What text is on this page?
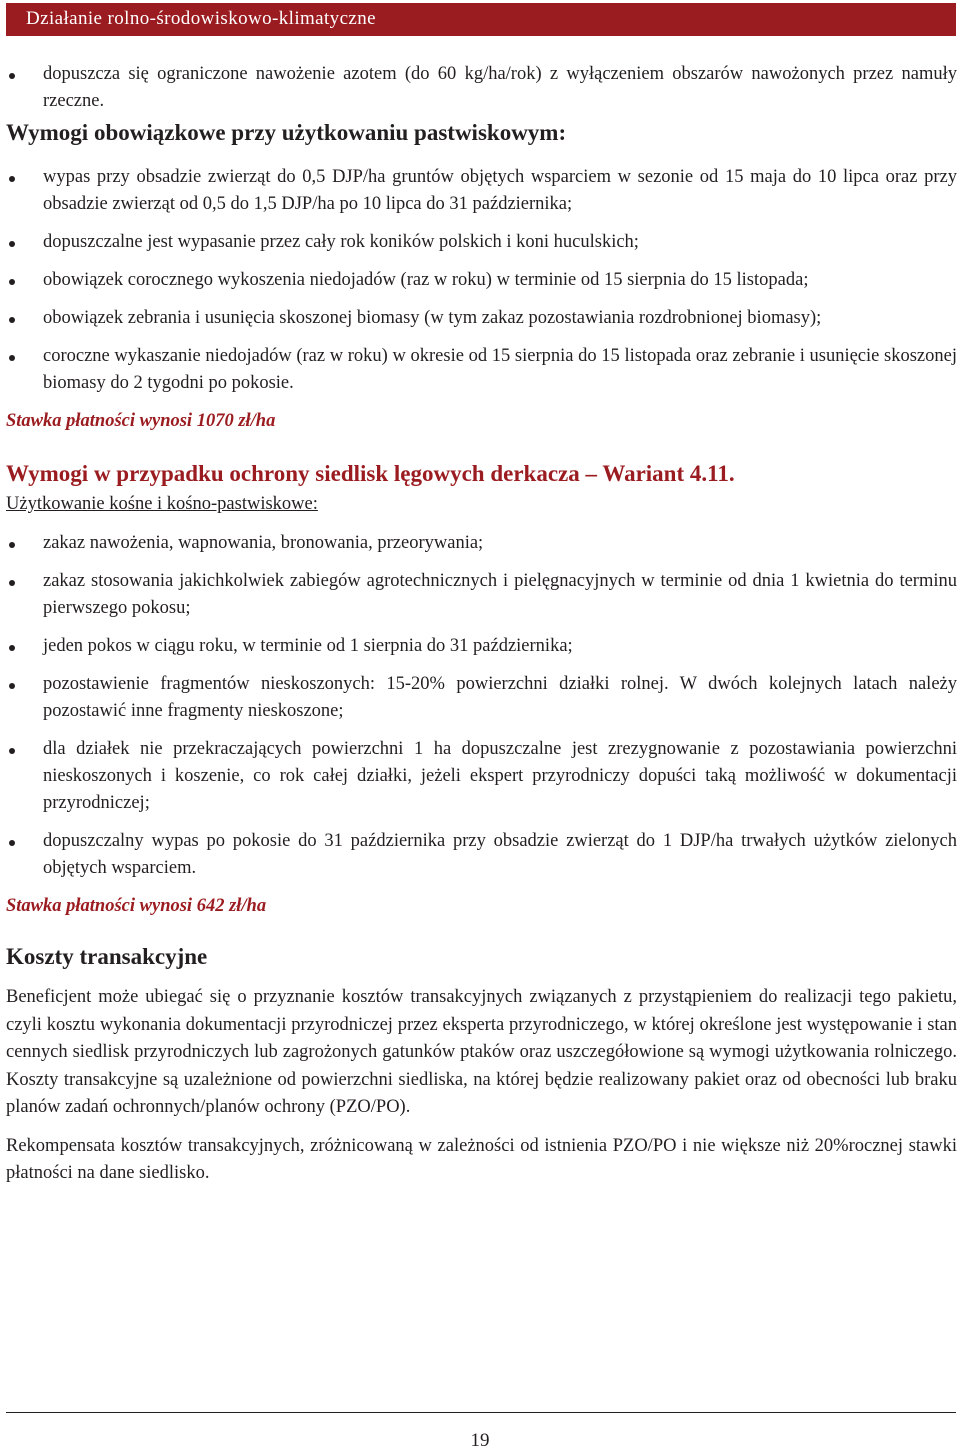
Działanie rolno-środowiskowo-klimatyczne
dopuszcza się ograniczone nawożenie azotem (do 60 kg/ha/rok) z wyłączeniem obszarów nawożonych przez namuły rzeczne.
Wymogi obowiązkowe przy użytkowaniu pastwiskowym:
wypas przy obsadzie zwierząt do 0,5 DJP/ha gruntów objętych wsparciem w sezonie od 15 maja do 10 lipca oraz przy obsadzie zwierząt od 0,5 do 1,5 DJP/ha po 10 lipca do 31 października;
dopuszczalne jest wypasanie przez cały rok koników polskich i koni huculskich;
obowiązek corocznego wykoszenia niedojadów (raz w roku) w terminie od 15 sierpnia do 15 listopada;
obowiązek zebrania i usunięcia skoszonej biomasy (w tym zakaz pozostawiania rozdrobnionej biomasy);
coroczne wykaszanie niedojadów (raz w roku) w okresie od 15 sierpnia do 15 listopada oraz zebranie i usunięcie skoszonej biomasy do 2 tygodni po pokosie.
Stawka płatności wynosi 1070 zł/ha
Wymogi w przypadku ochrony siedlisk lęgowych derkacza – Wariant 4.11.
Użytkowanie kośne i kośno-pastwiskowe:
zakaz nawożenia, wapnowania, bronowania, przeorywania;
zakaz stosowania jakichkolwiek zabiegów agrotechnicznych i pielęgnacyjnych w terminie od dnia 1 kwietnia do terminu pierwszego pokosu;
jeden pokos w ciągu roku, w terminie od 1 sierpnia do 31 października;
pozostawienie fragmentów nieskoszonych: 15-20% powierzchni działki rolnej. W dwóch kolejnych latach należy pozostawić inne fragmenty nieskoszone;
dla działek nie przekraczających powierzchni 1 ha dopuszczalne jest zrezygnowanie z pozostawiania powierzchni nieskoszonych i koszenie, co rok całej działki, jeżeli ekspert przyrodniczy dopuści taką możliwość w dokumentacji przyrodniczej;
dopuszczalny wypas po pokosie do 31 października przy obsadzie zwierząt do 1 DJP/ha trwałych użytków zielonych objętych wsparciem.
Stawka płatności wynosi 642 zł/ha
Koszty transakcyjne

Beneficjent może ubiegać się o przyznanie kosztów transakcyjnych związanych z przystąpieniem do realizacji tego pakietu, czyli kosztu wykonania dokumentacji przyrodniczej przez eksperta przyrodniczego, w której określone jest występowanie i stan cennych siedlisk przyrodniczych lub zagrożonych gatunków ptaków oraz uszczegółowione są wymogi użytkowania rolniczego. Koszty transakcyjne są uzależnione od powierzchni siedliska, na której będzie realizowany pakiet oraz od obecności lub braku planów zadań ochronnych/planów ochrony (PZO/PO).

Rekompensata kosztów transakcyjnych, zróżnicowaną w zależności od istnienia PZO/PO i nie większe niż 20%rocznej stawki płatności na dane siedlisko.

19
